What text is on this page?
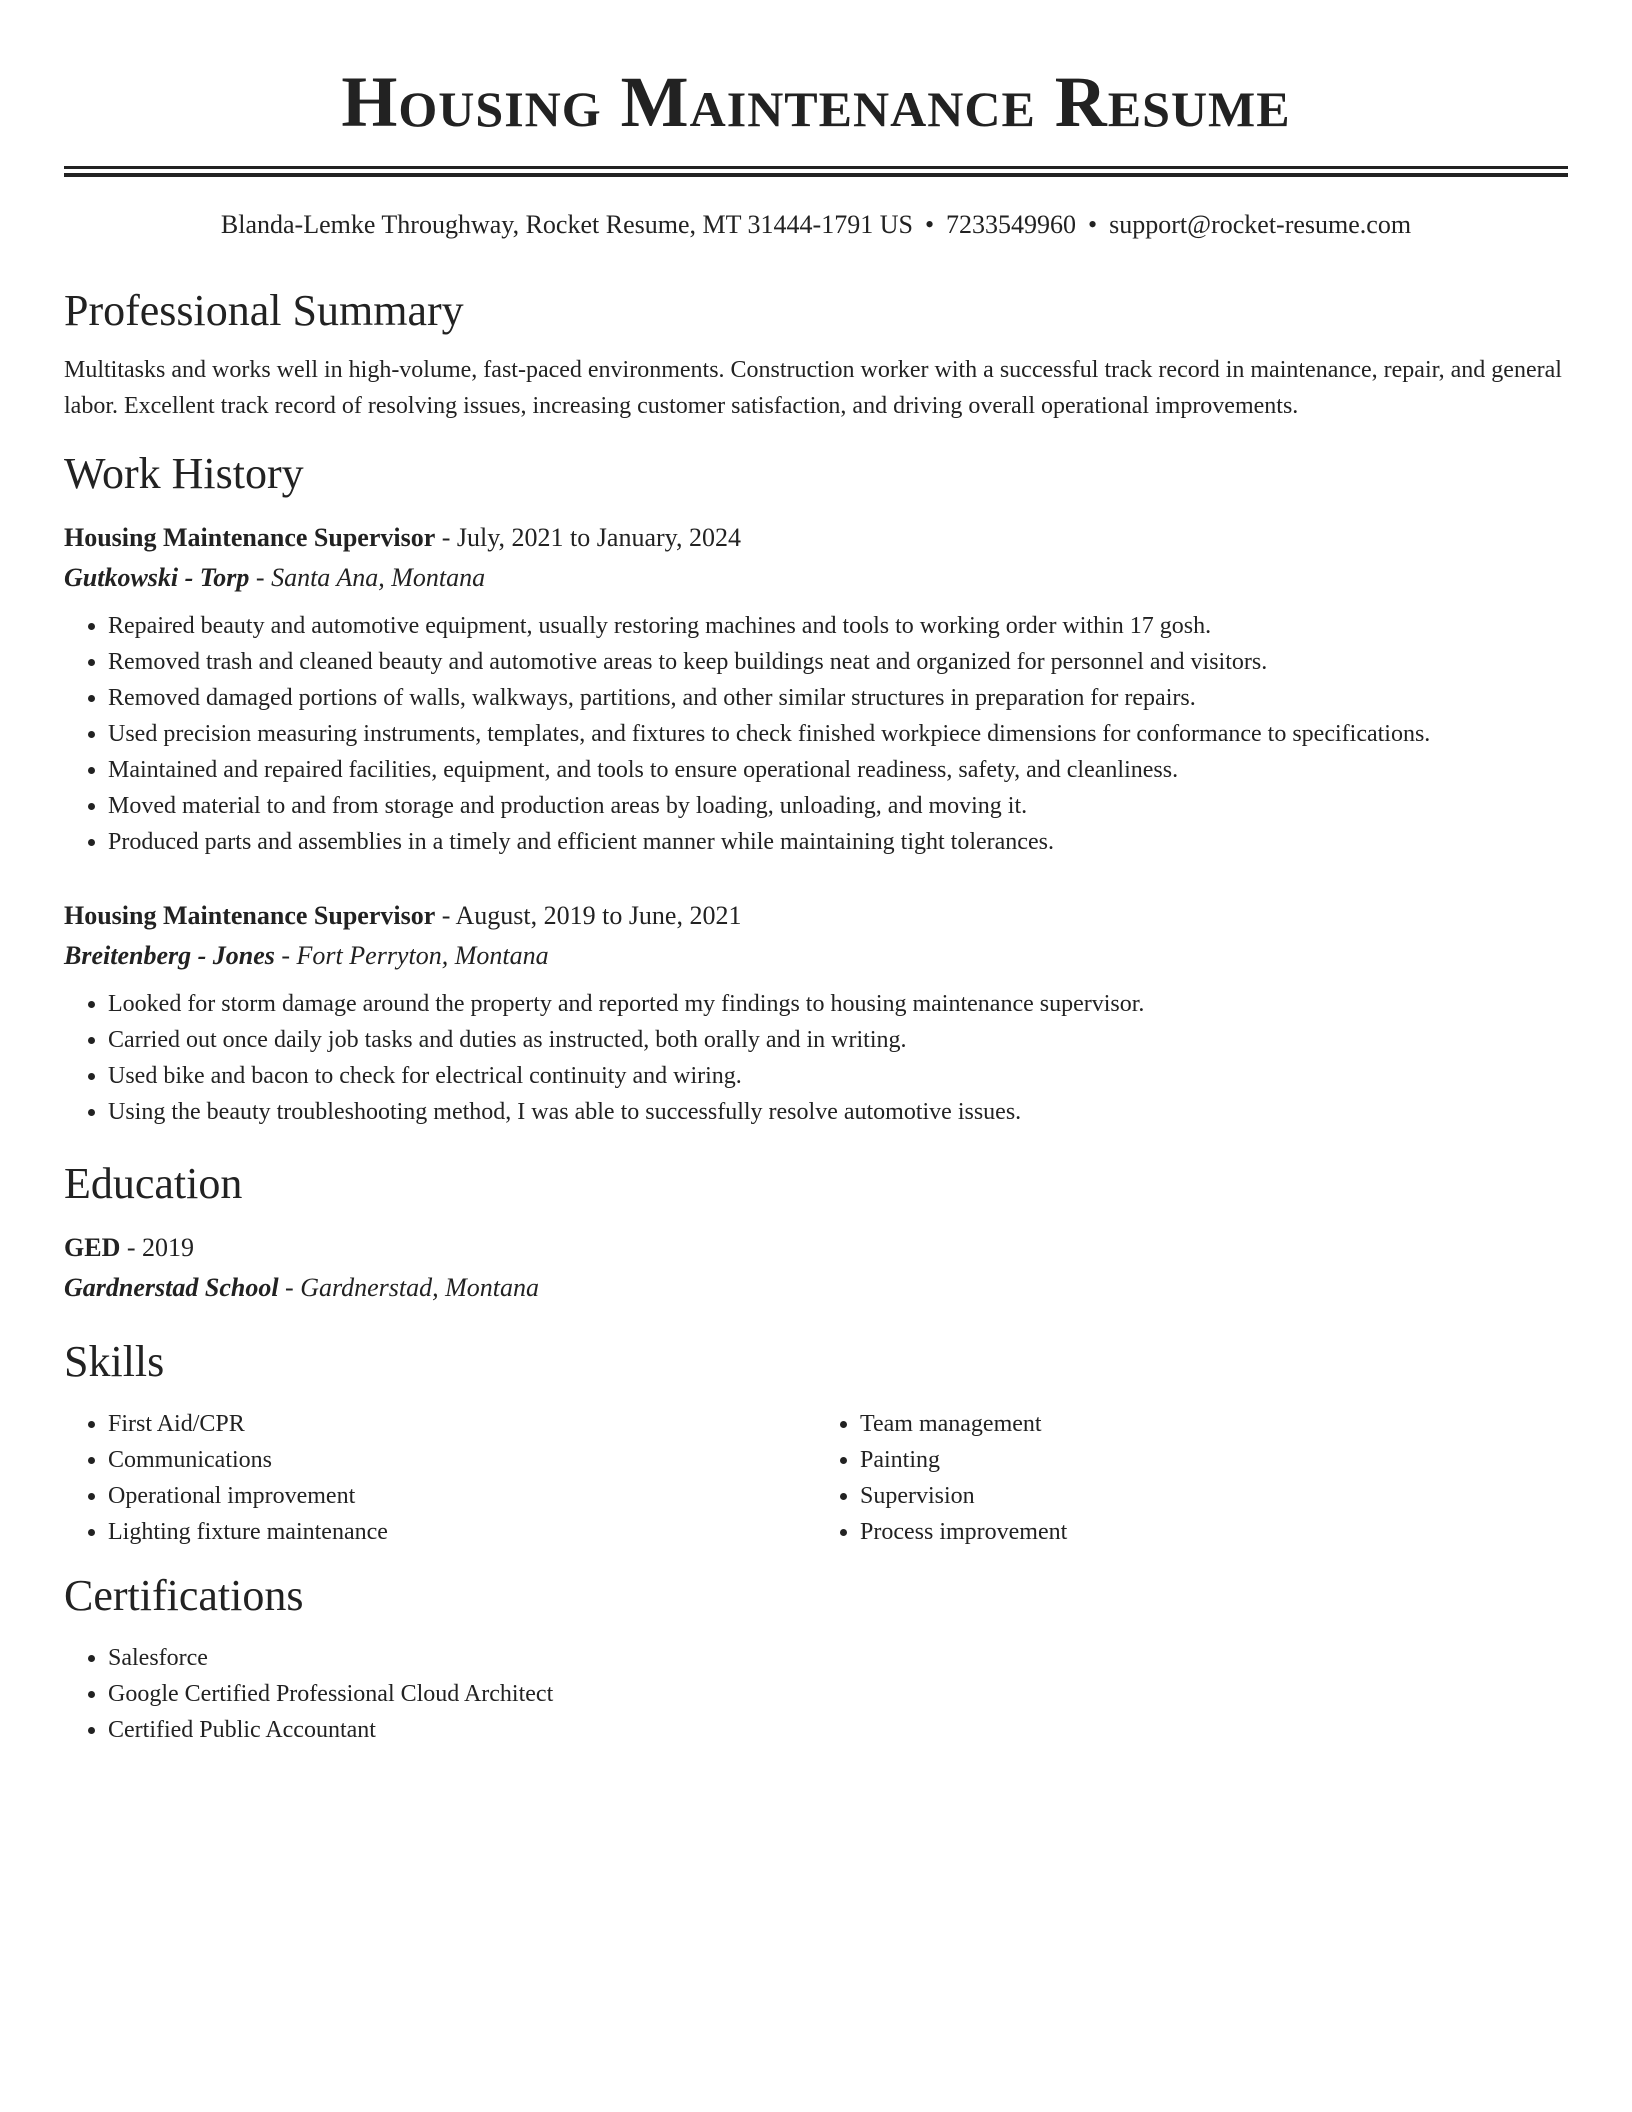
Housing Maintenance Resume
Blanda-Lemke Throughway, Rocket Resume, MT 31444-1791 US • 7233549960 • support@rocket-resume.com
Professional Summary
Multitasks and works well in high-volume, fast-paced environments. Construction worker with a successful track record in maintenance, repair, and general labor. Excellent track record of resolving issues, increasing customer satisfaction, and driving overall operational improvements.
Work History
Housing Maintenance Supervisor - July, 2021 to January, 2024
Gutkowski - Torp - Santa Ana, Montana
• Repaired beauty and automotive equipment, usually restoring machines and tools to working order within 17 gosh.
• Removed trash and cleaned beauty and automotive areas to keep buildings neat and organized for personnel and visitors.
• Removed damaged portions of walls, walkways, partitions, and other similar structures in preparation for repairs.
• Used precision measuring instruments, templates, and fixtures to check finished workpiece dimensions for conformance to specifications.
• Maintained and repaired facilities, equipment, and tools to ensure operational readiness, safety, and cleanliness.
• Moved material to and from storage and production areas by loading, unloading, and moving it.
• Produced parts and assemblies in a timely and efficient manner while maintaining tight tolerances.
Housing Maintenance Supervisor - August, 2019 to June, 2021
Breitenberg - Jones - Fort Perryton, Montana
• Looked for storm damage around the property and reported my findings to housing maintenance supervisor.
• Carried out once daily job tasks and duties as instructed, both orally and in writing.
• Used bike and bacon to check for electrical continuity and wiring.
• Using the beauty troubleshooting method, I was able to successfully resolve automotive issues.
Education
GED - 2019
Gardnerstad School - Gardnerstad, Montana
Skills
• First Aid/CPR
• Communications
• Operational improvement
• Lighting fixture maintenance
• Team management
• Painting
• Supervision
• Process improvement
Certifications
• Salesforce
• Google Certified Professional Cloud Architect
• Certified Public Accountant
